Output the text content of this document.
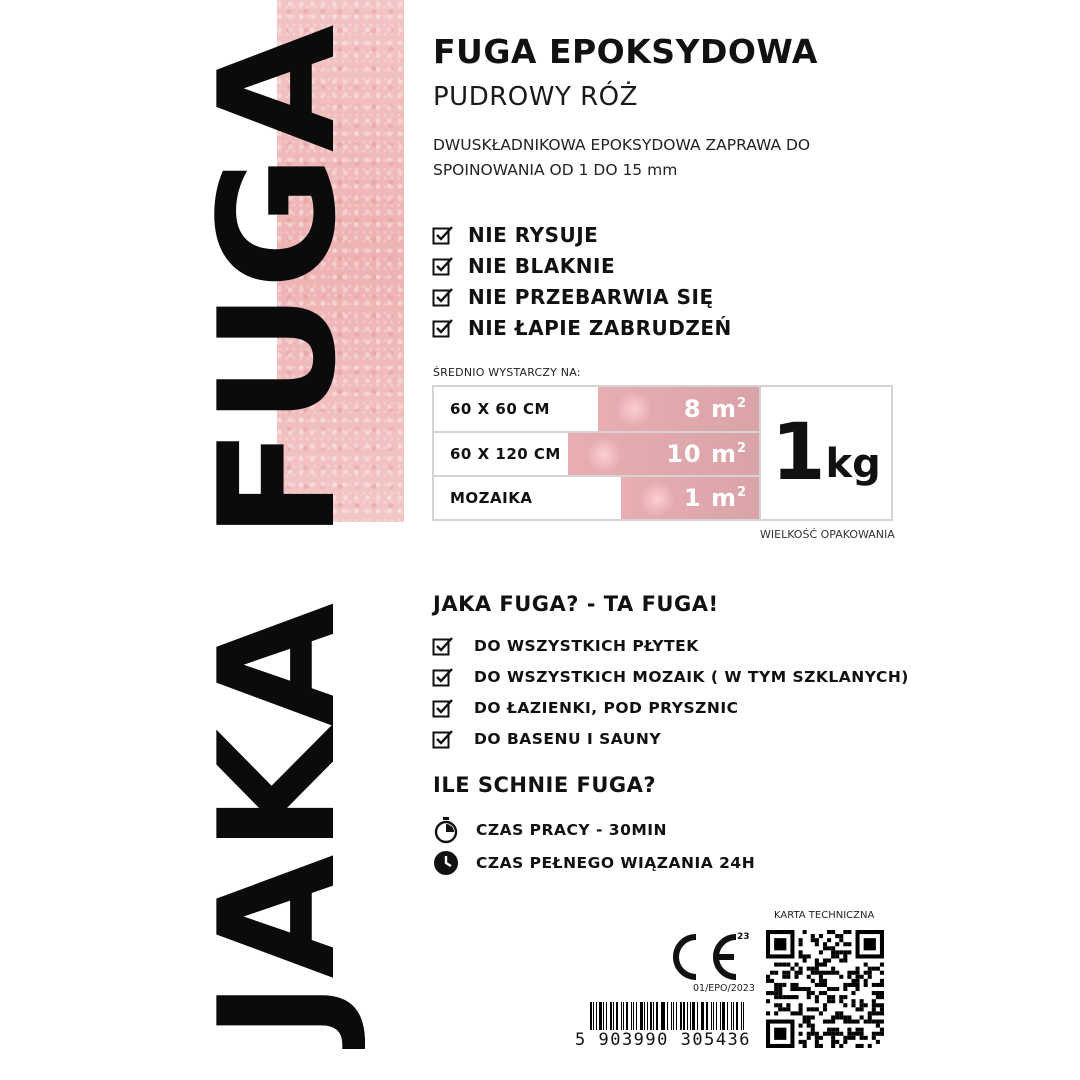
FUGA
JAKA
FUGA EPOKSYDOWA
PUDROWY RÓŻ

DWUSKŁADNIKOWA EPOKSYDOWA ZAPRAWA DO SPOINOWANIA OD 1 DO 15 mm

NIE RYSUJE
NIE BLAKNIE
NIE PRZEBARWIA SIĘ
NIE ŁAPIE ZABRUDZEŃ
ŚREDNIO WYSTARCZY NA:
60 X 60 CM	8 $m^2$
60 X 120 CM	10 $m^2$
MOZAIKA	1 $m^2$ 1 kg
WIELKOŚĆ OPAKOWANIA
JAKA FUGA? - TA FUGA!
DO WSZYSTKICH PŁYTEK
DO WSZYSTKICH MOZAIK ( W TYM SZKLANYCH)
DO ŁAZIENKI, POD PRYSZNIC
DO BASENU I SAUNY
ILE SCHNIE FUGA?
CZAS PRACY - 30MIN
CZAS PEŁNEGO WIĄZANIA 24H
23
01/EPO/2023
5 903990 305436
KARTA TECHNICZNA
